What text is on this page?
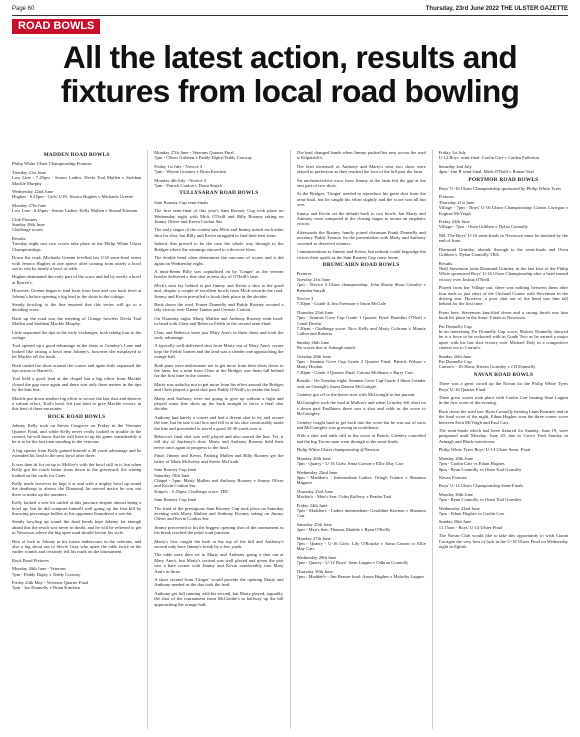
Page 60	Thursday, 23rd June 2022 THE ULSTER GAZETTE
ROAD BOWLS
All the latest action, results and fixtures from local road bowling
MADDEN ROAD BOWLS

Philip White Ulster Championship Fixtures

Tuesday 21st June
Low Line - 7.45pm - Senior Ladies: Devla Toal Mullen v Siobhan Mackle Murphy

Wednesday 22nd June
Hughes - 6.45pm - Girls' U18: Jessica Hughes v Michaela Greene

Monday 27th June
Low Line - 6.45pm - Senior Ladies: Kelly Mullen v Sinead Kiernan

Club Fixtures
Sunday 26th June
Challenge scores

Results
Tuesday night saw two scores take place in the Philip White Ulster Championships.

Down the road, Michaela Greene levelled her U18 semi-final series with Jessica Hughes at one apiece after coming from nearly a bowl out to win by nearly a bowl of odds.

Hughes dominated the early part of the score and led by nearly a bowl at Barrett's.

However, Greene began to find form from here and was back level at Johnny's before opening a big lead in the shots to the cottage.

Steady bowling to the line ensured that this series will go to a deciding score.

Back up the road was the meeting of Grange bowlers Devla Toal Mullen and Siobhan Mackle Murphy.

Little separated the tips in the early exchanges, both taking four to the cottage.

Toal opened up a good advantage in the shots to Grimley's Lane and looked like raising a bowl near Johnny's, however she misplayed to let Mackle off the hook.

Both traded the shots around the corner and again little separated the tips across to Barrett's.

Toal held a good lead at the chapel but a big effort from Mackle closed the gap once again and there was only three metres in the tips by the butt line.

Mackle put down another big effort to secure the last shot and deserve a valiant effort, Toal's bowl left just hind to give Mackle victory in this best of three encounter.

ROCK ROAD BOWLS

Johnny Kelly took on Stevie Cosgrove on Friday in the Veterans Quarter Final, and while Kelly never really looked in trouble in the contest, he will know that he will have to up his game considerably if he is to be the last man standing in the veterans.

A big opener from Kelly gained himself a 40 yards advantage and he extended his lead to the next bowl after three.

It was then tit for tat up to McKee's with the bowl still in it, but when Kelly got the touch better shots down to the graveyard, the wining looked on the cards for Gran.

Kelly made however he kept it at and with a mighty bowl up round the deathtrap to almost the Diamond, he moved notice he was not there to make up the numbers.

Kelly looked a wee bit rattled at this juncture despite almost being a bowl up, but he did compose himself well going up the first hill by throwing percentage bullets as his opponent floundered a wee bit.

Steady bowling up round the final bends kept Johnny far enough ahead that the result was never in doubt, and he will be relieved to get to Newtown where the big open road should favour his style.

Best of luck to Johnny in his future endeavours in the veterans, and also a big shout out to Stevie Gray who upset the odds twice in the earlier rounds and certainly left his mark on the tournament.

Rock Road Fixtures

Monday 20th June - Veterans
7pm - Paddy Digby v Teddy Conway

Friday 24th May - Veterans Quarter Final
7pm - Joe Donnelly v Brian Kinchen

Monday 27th June - Veterans Quarter Final
7pm - Oliver Gribben v Paddy Digby/Teddy Conway

Friday 1st July - Novice 3
7pm - Wayne Greaney v Ryan Kinchen

Monday 4th July - Novice 3
7pm - Patrick Conlon v Daria Smyth

TULLYSARAN ROAD BOWLS

Sam Rooney Cup semi-finals

The first semi-final of this year's Sam Rooney Cup took place on Wednesday night with Mick O'Neill and Billy Rooney taking on Jimmy Oliver and Kevin Conlon Snr.

The early stages of the contest saw Mick and Jimmy match each other shot for shot, but Billy and Kevin struggled to find their best form.

Indeed, this proved to be the case the whole way through to the Bridges where the winnings showed to a decisive blow.

The double bend often determines the outcome of scores and it did again on Wednesday night.

A mini-Beam Billy was capitalised on by 'Ginger' as the veteran bowler delivered a fine shot to next sky of O'Neill's lane.

Mick's next lay behind to put Jimmy and Kevin a shot to the good and, despite a couple of excellent bowls from Mick towards the road, Jimmy and Kevin prevailed to book their place in the decider.

Back down the road, Frazer Donnelly and Paddy Rooney secured a tidy victory over Danny Tanner and Cormac Conlon.

On Thursday night, Marty Mullen and Anthony Rooney went head-to-head with Chris and Rebecca Fields in the second semi-final.

Chris and Rebecca were just Mary Ann's in three shots and took the early advantage.

A typically well-delivered shot from Marty out of Mary Ann's corner kept the Fields' homes and the lead was a slender one approaching the orange ball.

Both pairs were unfortunate not to get more from their shots down to the farm, but a mini from Chris at the Bridges saw them fall behind for the first time in the contest.

Marty was unlucky not to get more from his effort around the Bridges and Chris played a great shot past Paddy O'Neill's to retake the lead.

Marty and Anthony were not going to give up without a fight and played some fine shots up the back straight to force a final shot decider.

Anthony had barely a corner and had a decent shot to try and secure the line, but he saw it tail box and fell in at his shot comfortably made the line and proceeded to travel a good 20-30 yards over it.

Rebecca's final shot was well played and also soared the line. Yet, it fell shy of Anthony's shot; Marty and Anthony Rooney held their nerve once again to progress to the final.

Final: Jimmy and Kevin, Padraig Mullen and Billy Rooney get the better of Mark McSorley and Stevie McGrath.

Sam Rooney Cup final
Saturday 18th June
Chapel - 5pm: Marty Mullen and Anthony Rooney v Jimmy Oliver and Kevin Conlon Snr
Knipe's - 5.45pm: Challenge score: TBC

Sam Rooney Cup final

The final of the prestigious Sam Rooney Cup took place on Saturday evening with Marty Mullen and Anthony Rooney taking on Jimmy Oliver and Kevin Conlon Snr.

Jimmy proceeded to hit the biggest opening shot of the tournament as his break reached the point road junction.

Marty's first caught the kerb at the top of the hill and Anthony's second only bore Jimmy's break by a few yards.

The odds were then set to Marty and Anthony going a shot out at Mary Ann's, but Marty's second was well placed and given the pair saw a bare corner with Jimmy and Kevin comfortably into Mary Ann's in three.

A short second from 'Ginger' would provide the opening Marty and Anthony needed as the duo took the lead.

Anthony got full running with his second, but Marty played, arguably, the shot of the tournament from McCombe's to halfway up the hill approaching the orange ball.

The lead changed hands when Jimmy pushed his next across the road at Kilpatrick's.

The lead increased as Anthony and Marty's next two shots were played to perfection as they reached the foot of the hill past the farm.

An uncharacteristic error from Jimmy at the farm left the gap at the best part of two shots.

At the Bridges, 'Ginger' needed to reproduce his great shot from the semi-final, but he caught his effort slightly and the score was all but over.

Jimmy and Kevin set the default back to two bowls, but Marty and Anthony were composed in the closing stages to secure an emphatic victory.

Afterwards the Rooney family joined chairman Frank Donnelly and secretary Paddy Treanor for the presentation with Marty and Anthony crowned as deserved winners.

Commiserations to Jimmy and Kevin, but nobody could begrudge the victors their spoils as the Sam Rooney Cup came home.

DRUMCAIRN ROAD BOWLS

Fixtures
Tuesday 21st June
7pm - Novice 3 Ulster championship: John Shorty Short Grimley v Brendan Smyth

Novice 3
7.30pm - Grade 4: Jim Freeman v Jason McGale

Thursday 23rd June
7pm - Seamus Gove Cup Grade 1 Quarter Final: Ruaidhri O'Neill v Conal Devlin
7.30pm - Challenge score: Nico Kelly and Marty Coltrane v Marnie Cullen and Roberta

Sunday 26th June
No scores due to Armagh match

Tuesday 28th June
7pm - Seamus Gove Cup Grade 2 Quarter Final: Patrick Wilson v Marty Hoolan
7.30pm - Grade 3 Quarter Final: Catona McShane v Barry Carr

Results - On Tuesday night, Seamus Gove Cup Grade 3 Short Grinder took on Oonagh's finest Darren McGonigle.

Grimley got off to the better start with McGonigle in hot pursuit.

McGonigley took the lead at Mallon's and when Grimley fell short on a down past Faulkners there was a shot and odds in the score to McGonigley.

Grimley fought hard to get back into the score but he was out of sorts and McGonigley was growing in confidence.

With a shot and odds still in the score at Bonds, Grimley conceded and the big Trover man went through to the semi-finals.

Philip White Ulster championship @Newton

Monday 20th June
7pm - Quarry - U-16 Girls: Anna Carson v Ellie May Carr

Wednesday 22nd June
8pm - Madden's - Intermediate Ladies: Orlagh Trainor v Shannon Maguire

Thursday 23rd June
Mackin's - Men's Sen: Colm Rafferty v Peadar Toal

Friday 24th June
7pm - Madden's - Ladies intermediate: Geraldine Kiernan v Shannon Carr

Saturday 25th June
2pm - Men's Sen: Thomas Maddie v Ryan O'Reilly

Monday 27th June
7pm - Quarry - U-16 Girls: Lily O'Rourke v Anna Carson or Ellie May Carr

Wednesday 29th June
7pm - Quarry - U-12 Boys': Sean Lappin v Odhran Connolly

Thursday 30th June
7pm - Madden's - Jim Bernie-final: Aaron Hughes v Malachy Lappin.

Friday 1st July
U-12 Boys' semi-final: Caolin Carr v Caiden Fullerton.

Saturday 2nd July
4pm - Jim B semi-final: Mick O'Neill v Ronan Toal

PORTMOR ROAD BOWLS

Boys' U-16 Ulster Championship sponsored by Philip White Tyres

Fixtures
Thursday 21st June
Village - 7pm - Boys' U-16 Ulster Championship: Ciaran Corrigan v Eoghan McVeigh

Friday 24th June
Village - 7pm - Oisin Gribben v Dylan Connolly

NB. The Boys' U-16 semi-finals in Newtown must be finished by the end of June.

Diarmaid Grimley, already through to the semi-finals and Oisin Gribben v. Dylan Connolly TBA.

Results
Niall Stevenson joins Diarmaid Grimley in the last four of the Philip White sponsored Boys' U-16 Ulster Championship after a hard earned victory over Joshua O'Neill.

Played from the Village out, there was nothing between them after four ends to just short of the Orchard Corner with Stevenson in the driving seat. However, a poor shot out of the bend saw him fall behind for the first time.

From here, Stevenson knuckled down and a strong finish saw him book his place in the Semi- Finals at Newtown.

Pat Donnelly Cup
In an interesting Pat Donnelly Cup score, Malcey Donnelly showed he is a force to be reckoned with in Grade Two as he earned a major upset with his last shot victory over Michael Daly in a competitive contest out to Carron's.

Sunday 26th June
Pat Donnelly Cup
Carron's - 10.30am: Kieran Gormley v J D Donnelly

NAVAN ROAD BOWLS

There was a great crowd up the Navan for the Philip White Tyres Boys' U-16 Quarter Final.

Three great scores took place with Caolin Carr beating Sean Lappin in the first score of the evening.

Back down the road saw Ryan Connolly beating Liam Kearney and in the final score of the night, Ethan Hughes won the three corner score between Eoin McVeigh and Paul Carr.

The semi-finals which had been fixtured for Sunday, June 19, were postponed until Monday, June 20, due to Grove Yard Sunday in Armagh and Black-watertown.

Philip White Tyres Boys' U-14 Ulster Semi -Final

Monday 20th June
7pm - Caolin Carr vs Ethan Hughes
8pm - Ryan Connolly vs Oisin Toal Gormley

Navan Fixtures

Boys' U-14 Ulster Championship Semi-Finals

Monday 20th June
7pm - Ryan Connolly vs Oisin Toal Gormley

Wednesday 22nd June
7pm - Ethan Hughes vs Caolin Carr

Sunday 26th June
11.15am - Boys' U-14 Ulster Final

The Navan Club would like to take this opportunity to wish Ciaran Corrigan the very best of luck in the U-18 Ulster Final on Wednesday night in Eglish.
